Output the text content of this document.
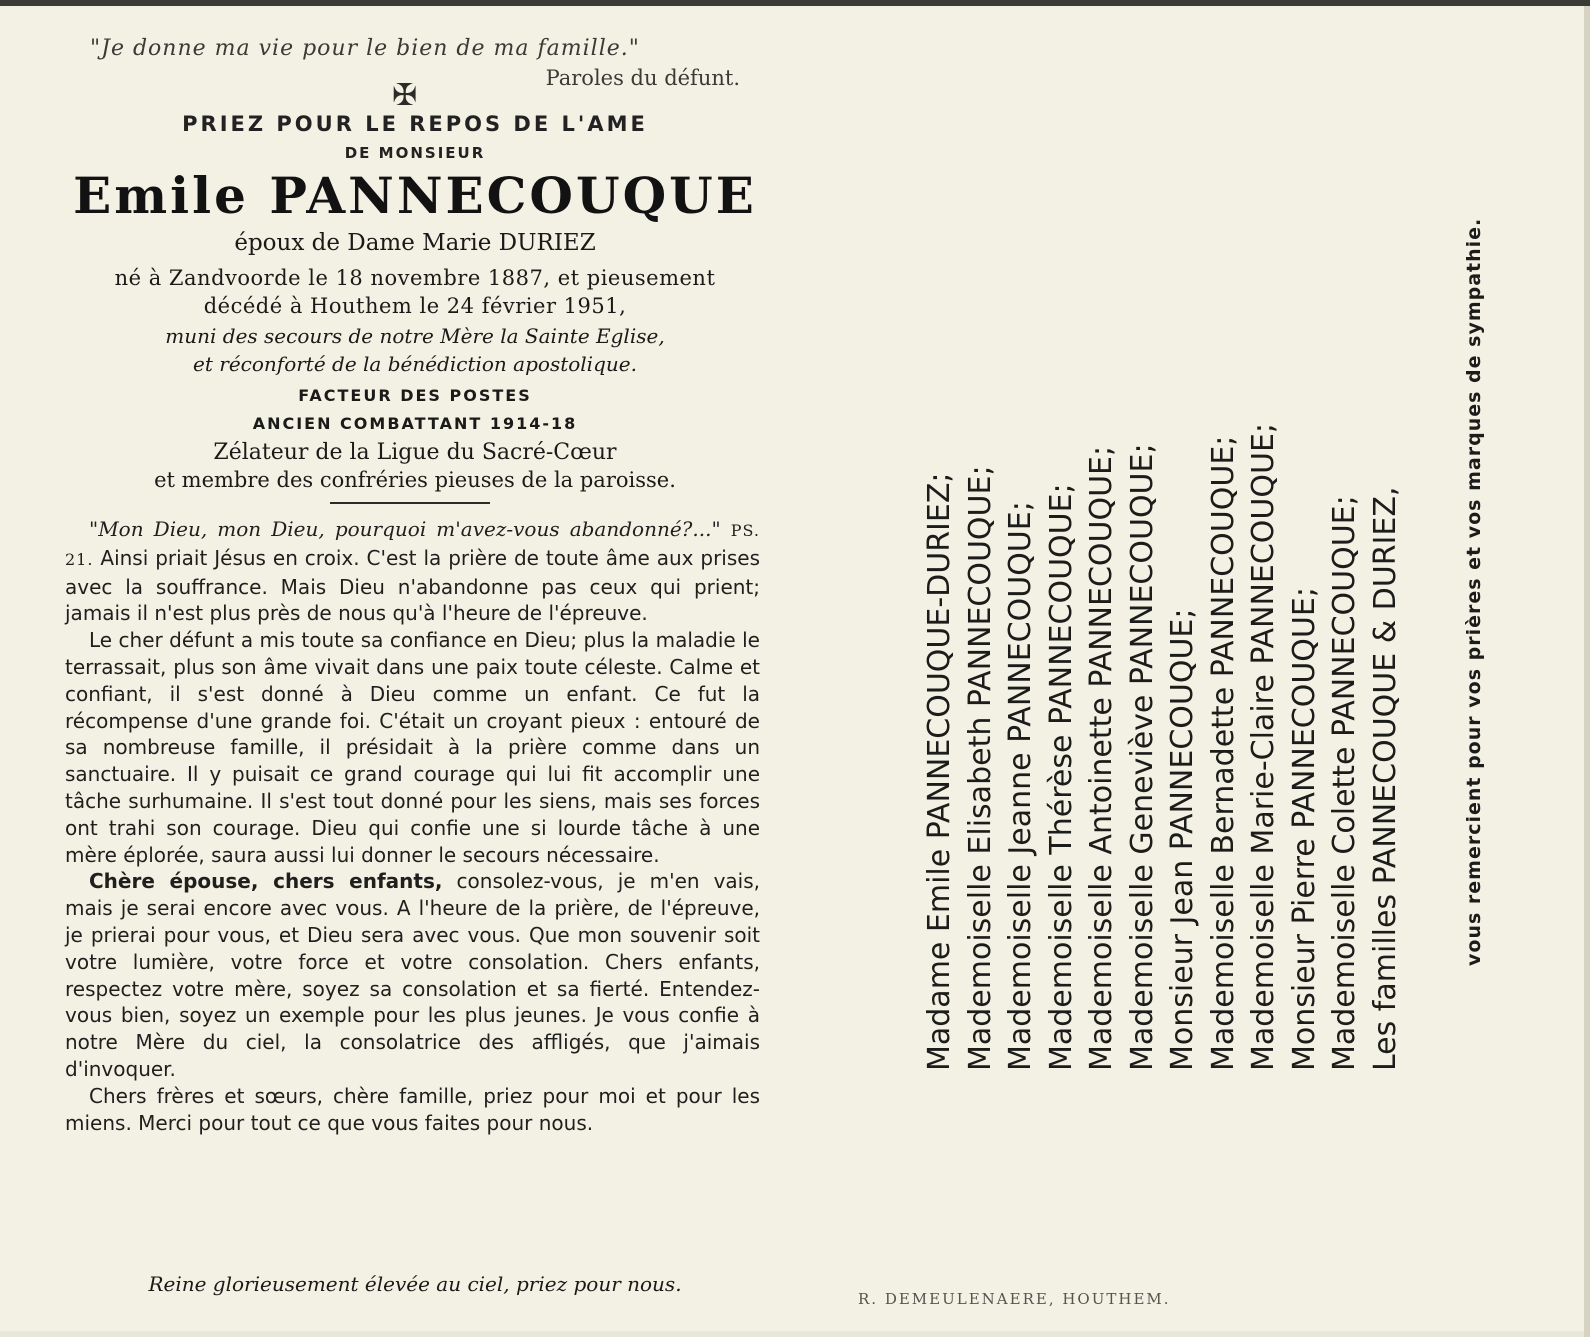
"Je donne ma vie pour le bien de ma famille."
Paroles du défunt.
✠
PRIEZ POUR LE REPOS DE L'AME
DE MONSIEUR
Emile PANNECOUQUE
époux de Dame Marie DURIEZ
né à Zandvoorde le 18 novembre 1887, et pieusement
décédé à Houthem le 24 février 1951,
muni des secours de notre Mère la Sainte Eglise,
et réconforté de la bénédiction apostolique.
FACTEUR DES POSTES
ANCIEN COMBATTANT 1914-18
Zélateur de la Ligue du Sacré-Cœur
et membre des confréries pieuses de la paroisse.

"Mon Dieu, mon Dieu, pourquoi m'avez-vous abandonné?..." PS. 21. Ainsi priait Jésus en croix. C'est la prière de toute âme aux prises avec la souffrance. Mais Dieu n'abandonne pas ceux qui prient; jamais il n'est plus près de nous qu'à l'heure de l'épreuve.

Le cher défunt a mis toute sa confiance en Dieu; plus la maladie le terrassait, plus son âme vivait dans une paix toute céleste. Calme et confiant, il s'est donné à Dieu comme un enfant. Ce fut la récompense d'une grande foi. C'était un croyant pieux : entouré de sa nombreuse famille, il présidait à la prière comme dans un sanctuaire. Il y puisait ce grand courage qui lui fit accomplir une tâche surhumaine. Il s'est tout donné pour les siens, mais ses forces ont trahi son courage. Dieu qui confie une si lourde tâche à une mère éplorée, saura aussi lui donner le secours nécessaire.

Chère épouse, chers enfants, consolez-vous, je m'en vais, mais je serai encore avec vous. A l'heure de la prière, de l'épreuve, je prierai pour vous, et Dieu sera avec vous. Que mon souvenir soit votre lumière, votre force et votre consolation. Chers enfants, respectez votre mère, soyez sa consolation et sa fierté. Entendez-vous bien, soyez un exemple pour les plus jeunes. Je vous confie à notre Mère du ciel, la consolatrice des affligés, que j'aimais d'invoquer.

Chers frères et sœurs, chère famille, priez pour moi et pour les miens. Merci pour tout ce que vous faites pour nous.

Reine glorieusement élevée au ciel, priez pour nous.
Madame Emile PANNECOUQUE-DURIEZ; Mademoiselle Elisabeth PANNECOUQUE; Mademoiselle Jeanne PANNECOUQUE; Mademoiselle Thérèse PANNECOUQUE; Mademoiselle Antoinette PANNECOUQUE; Mademoiselle Geneviève PANNECOUQUE; Monsieur Jean PANNECOUQUE; Mademoiselle Bernadette PANNECOUQUE; Mademoiselle Marie-Claire PANNECOUQUE; Monsieur Pierre PANNECOUQUE; Mademoiselle Colette PANNECOUQUE; Les familles PANNECOUQUE & DURIEZ,	vous remercient pour vos prières et vos marques de sympathie.
R. DEMEULENAERE, HOUTHEM.
